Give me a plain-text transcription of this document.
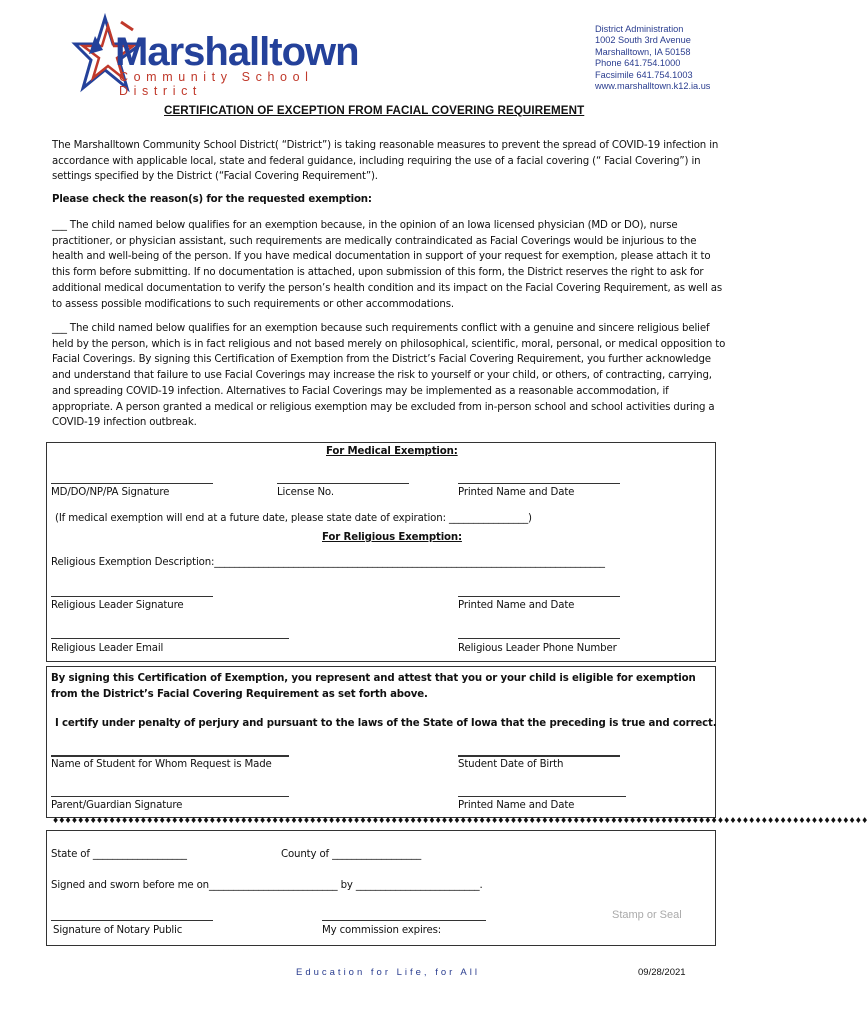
Marshalltown
Community School District
District Administration
1002 South 3rd Avenue
Marshalltown, IA 50158
Phone 641.754.1000
Facsimile 641.754.1003
www.marshalltown.k12.ia.us
CERTIFICATION OF EXCEPTION FROM FACIAL COVERING REQUIREMENT
The Marshalltown Community School District( “District”) is taking reasonable measures to prevent the spread of COVID-19 infection in accordance with applicable local, state and federal guidance, including requiring the use of a facial covering (“ Facial Covering”) in settings specified by the District (“Facial Covering Requirement”).
Please check the reason(s) for the requested exemption:
___ The child named below qualifies for an exemption because, in the opinion of an Iowa licensed physician (MD or DO), nurse practitioner, or physician assistant, such requirements are medically contraindicated as Facial Coverings would be injurious to the health and well-being of the person. If you have medical documentation in support of your request for exemption, please attach it to this form before submitting. If no documentation is attached, upon submission of this form, the District reserves the right to ask for additional medical documentation to verify the person’s health condition and its impact on the Facial Covering Requirement, as well as to assess possible modifications to such requirements or other accommodations.
___ The child named below qualifies for an exemption because such requirements conflict with a genuine and sincere religious belief held by the person, which is in fact religious and not based merely on philosophical, scientific, moral, personal, or medical opposition to Facial Coverings. By signing this Certification of Exemption from the District’s Facial Covering Requirement, you further acknowledge and understand that failure to use Facial Coverings may increase the risk to yourself or your child, or others, of contracting, carrying, and spreading COVID-19 infection. Alternatives to Facial Coverings may be implemented as a reasonable accommodation, if appropriate. A person granted a medical or religious exemption may be excluded from in-person school and school activities during a COVID-19 infection outbreak.
For Medical Exemption:
MD/DO/NP/PA Signature	License No.	Printed Name and Date
(If medical exemption will end at a future date, please state date of expiration: ________________)
For Religious Exemption:
Religious Exemption Description:_______________________________________________________________________________
Religious Leader Signature	Printed Name and Date
Religious Leader Email	Religious Leader Phone Number
By signing this Certification of Exemption, you represent and attest that you or your child is eligible for exemption from the District’s Facial Covering Requirement as set forth above.
I certify under penalty of perjury and pursuant to the laws of the State of Iowa that the preceding is true and correct.
Name of Student for Whom Request is Made	Student Date of Birth
Parent/Guardian Signature	Printed Name and Date
♦♦♦♦♦♦♦♦♦♦♦♦♦♦♦♦♦♦♦♦♦♦♦♦♦♦♦♦♦♦♦♦♦♦♦♦♦♦♦♦♦♦♦♦♦♦♦♦♦♦♦♦♦♦♦♦♦♦♦♦♦♦♦♦♦♦♦♦♦♦♦♦♦♦♦♦♦♦♦♦♦♦♦♦♦♦♦♦♦♦♦♦♦♦♦♦♦♦♦♦♦♦♦♦♦♦♦♦♦♦♦♦♦♦♦♦♦♦♦♦♦♦♦♦♦♦♦♦♦♦
State of ___________________	County of __________________
Signed and sworn before me on__________________________ by _________________________.
Stamp or Seal
Signature of Notary Public	My commission expires:
Education for Life, for All	09/28/2021
